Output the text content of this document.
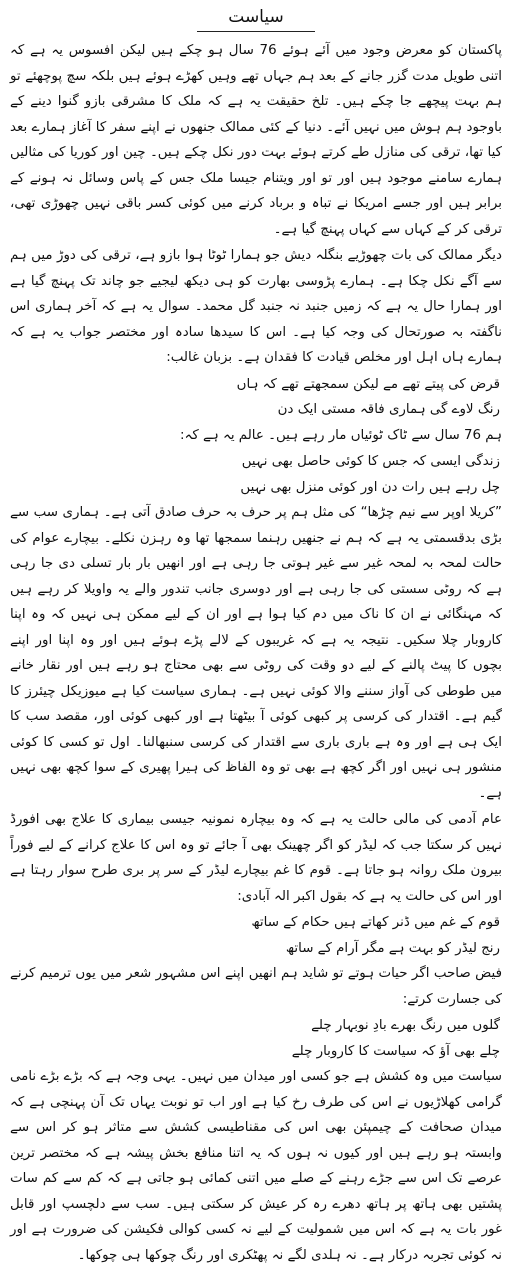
سیاست

پاکستان کو معرض وجود میں آئے ہوئے 76 سال ہو چکے ہیں لیکن افسوس یہ ہے کہ اتنی طویل مدت گزر جانے کے بعد ہم جہاں تھے وہیں کھڑے ہوئے ہیں بلکہ سچ پوچھئے تو ہم بہت پیچھے جا چکے ہیں۔ تلخ حقیقت یہ ہے کہ ملک کا مشرقی بازو گنوا دینے کے باوجود ہم ہوش میں نہیں آئے۔ دنیا کے کئی ممالک جنھوں نے اپنے سفر کا آغاز ہمارے بعد کیا تھا، ترقی کی منازل طے کرتے ہوئے بہت دور نکل چکے ہیں۔ چین اور کوریا کی مثالیں ہمارے سامنے موجود ہیں اور تو اور ویتنام جیسا ملک جس کے پاس وسائل نہ ہونے کے برابر ہیں اور جسے امریکا نے تباہ و برباد کرنے میں کوئی کسر باقی نہیں چھوڑی تھی، ترقی کر کے کہاں سے کہاں پہنچ گیا ہے۔

دیگر ممالک کی بات چھوڑیے بنگلہ دیش جو ہمارا ٹوٹا ہوا بازو ہے، ترقی کی دوڑ میں ہم سے آگے نکل چکا ہے۔ ہمارے پڑوسی بھارت کو ہی دیکھ لیجیے جو چاند تک پہنچ گیا ہے اور ہمارا حال یہ ہے کہ زمیں جنبد نہ جنبد گل محمد۔ سوال یہ ہے کہ آخر ہماری اس ناگفتہ بہ صورتحال کی وجہ کیا ہے۔ اس کا سیدھا سادہ اور مختصر جواب یہ ہے کہ ہمارے ہاں اہل اور مخلص قیادت کا فقدان ہے۔ بزبان غالب:

قرض کی پیتے تھے مے لیکن سمجھتے تھے کہ ہاں
رنگ لاوے گی ہماری فاقہ مستی ایک دن

ہم 76 سال سے ٹاک ٹوئیاں مار رہے ہیں۔ عالم یہ ہے کہ:

زندگی ایسی کہ جس کا کوئی حاصل بھی نہیں
چل رہے ہیں رات دن اور کوئی منزل بھی نہیں

”کریلا اوپر سے نیم چڑھا“ کی مثل ہم پر حرف بہ حرف صادق آتی ہے۔ ہماری سب سے بڑی بدقسمتی یہ ہے کہ ہم نے جنھیں رہنما سمجھا تھا وہ رہزن نکلے۔ بیچارے عوام کی حالت لمحہ بہ لمحہ غیر سے غیر ہوتی جا رہی ہے اور انھیں بار بار تسلی دی جا رہی ہے کہ روٹی سستی کی جا رہی ہے اور دوسری جانب تندور والے یہ واویلا کر رہے ہیں کہ مہنگائی نے ان کا ناک میں دم کیا ہوا ہے اور ان کے لیے ممکن ہی نہیں کہ وہ اپنا کاروبار چلا سکیں۔ نتیجہ یہ ہے کہ غریبوں کے لالے پڑے ہوئے ہیں اور وہ اپنا اور اپنے بچوں کا پیٹ پالنے کے لیے دو وقت کی روٹی سے بھی محتاج ہو رہے ہیں اور نقار خانے میں طوطی کی آواز سننے والا کوئی نہیں ہے۔ ہماری سیاست کیا ہے میوزیکل چیئرز کا گیم ہے۔ اقتدار کی کرسی پر کبھی کوئی آ بیٹھتا ہے اور کبھی کوئی اور، مقصد سب کا ایک ہی ہے اور وہ ہے باری باری سے اقتدار کی کرسی سنبھالنا۔ اول تو کسی کا کوئی منشور ہی نہیں اور اگر کچھ ہے بھی تو وہ الفاظ کی ہیرا پھیری کے سوا کچھ بھی نہیں ہے۔

عام آدمی کی مالی حالت یہ ہے کہ وہ بیچارہ نمونیہ جیسی بیماری کا علاج بھی افورڈ نہیں کر سکتا جب کہ لیڈر کو اگر چھینک بھی آ جائے تو وہ اس کا علاج کرانے کے لیے فوراً بیرون ملک روانہ ہو جاتا ہے۔ قوم کا غم بیچارے لیڈر کے سر پر بری طرح سوار رہتا ہے اور اس کی حالت یہ ہے کہ بقول اکبر الہ آبادی:

قوم کے غم میں ڈنر کھاتے ہیں حکام کے ساتھ
رنج لیڈر کو بہت ہے مگر آرام کے ساتھ

فیض صاحب اگر حیات ہوتے تو شاید ہم انھیں اپنے اس مشہور شعر میں یوں ترمیم کرنے کی جسارت کرتے:

گلوں میں رنگ بھرے بادِ نوبہار چلے
چلے بھی آؤ کہ سیاست کا کاروبار چلے

سیاست میں وہ کشش ہے جو کسی اور میدان میں نہیں۔ یہی وجہ ہے کہ بڑے بڑے نامی گرامی کھلاڑیوں نے اس کی طرف رخ کیا ہے اور اب تو نوبت یہاں تک آن پہنچی ہے کہ میدان صحافت کے چیمپئن بھی اس کی مقناطیسی کشش سے متاثر ہو کر اس سے وابستہ ہو رہے ہیں اور کیوں نہ ہوں کہ یہ اتنا منافع بخش پیشہ ہے کہ مختصر ترین عرصے تک اس سے جڑے رہنے کے صلے میں اتنی کمائی ہو جاتی ہے کہ کم سے کم سات پشتیں بھی ہاتھ پر ہاتھ دھرے رہ کر عیش کر سکتی ہیں۔ سب سے دلچسپ اور قابل غور بات یہ ہے کہ اس میں شمولیت کے لیے نہ کسی کوالی فکیشن کی ضرورت ہے اور نہ کوئی تجربہ درکار ہے۔ نہ ہلدی لگے نہ پھٹکری اور رنگ چوکھا ہی چوکھا۔
